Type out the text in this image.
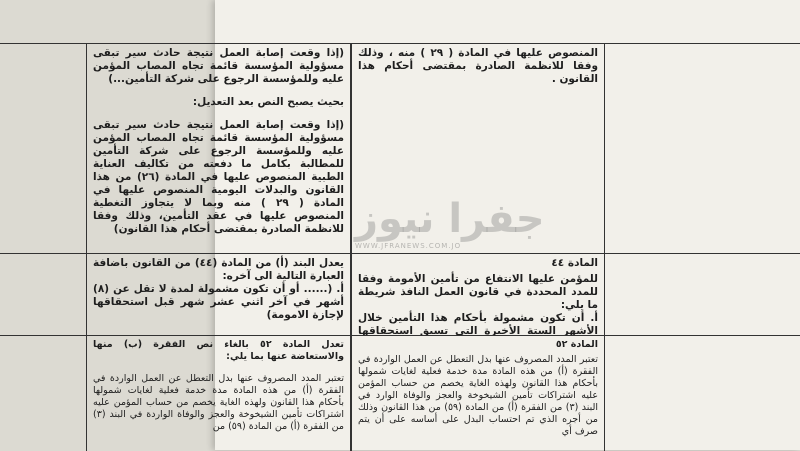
المنصوص عليها في المادة ( ٢٩ ) منه ، وذلك وفقا للانظمة الصادرة بمقتضى أحكام هذا القانون .
(إذا وقعت إصابة العمل نتيجة حادث سير تبقى مسؤولية المؤسسة قائمة تجاه المصاب المؤمن عليه وللمؤسسة الرجوع على شركة التأمين...)
بحيث يصبح النص بعد التعديل:
(إذا وقعت إصابة العمل نتيجة حادث سير تبقى مسؤولية المؤسسة قائمة تجاه المصاب المؤمن عليه وللمؤسسة الرجوع على شركة التأمين للمطالبة بكامل ما دفعته من تكاليف العناية الطبية المنصوص عليها في المادة (٢٦) من هذا القانون والبدلات اليومية المنصوص عليها في المادة ( ٢٩ ) منه وبما لا يتجاوز التغطية المنصوص عليها في عقد التأمين، وذلك وفقا للانظمة الصادرة بمقتضى أحكام هذا القانون)
المادة ٤٤
للمؤمن عليها الانتفاع من تأمين الأمومة وفقا للمدد المحددة في قانون العمل النافذ شريطة ما يلي:
أ. أن تكون مشمولة بأحكام هذا التأمين خلال الأشهر الستة الأخيرة التي تسبق استحقاقها
يعدل البند (أ) من المادة (٤٤) من القانون باضافة العبارة التالية الى آخره:
أ. (...... أو أن تكون مشمولة لمدة لا تقل عن (٨) أشهر في آخر اثني عشر شهر قبل استحقاقها لإجازة الامومة)
المادة ٥٢
تعتبر المدد المصروف عنها بدل التعطل عن العمل الواردة في الفقرة (أ) من هذه المادة مدة خدمة فعلية لغايات شمولها بأحكام هذا القانون ولهذه الغاية يخصم من حساب المؤمن عليه اشتراكات تأمين الشيخوخة والعجز والوفاة الوارد في البند (٣) من الفقرة (أ) من المادة (٥٩) من هذا القانون وذلك من أجره الذي تم احتساب البدل على أساسه على أن يتم صرف أي
تعدل المادة ٥٢ بالغاء نص الفقرة (ب) منها والاستعاضة عنها بما يلي:
تعتبر المدد المصروف عنها بدل التعطل عن العمل الواردة في الفقرة (أ) من هذه المادة مدة خدمة فعلية لغايات شمولها بأحكام هذا القانون ولهذه الغاية يخصم من حساب المؤمن عليه اشتراكات تأمين الشيخوخة والعجز والوفاة الواردة في البند (٣) من الفقرة (أ) من المادة (٥٩) من
جفرا نيوز
WWW.JFRANEWS.COM.JO
